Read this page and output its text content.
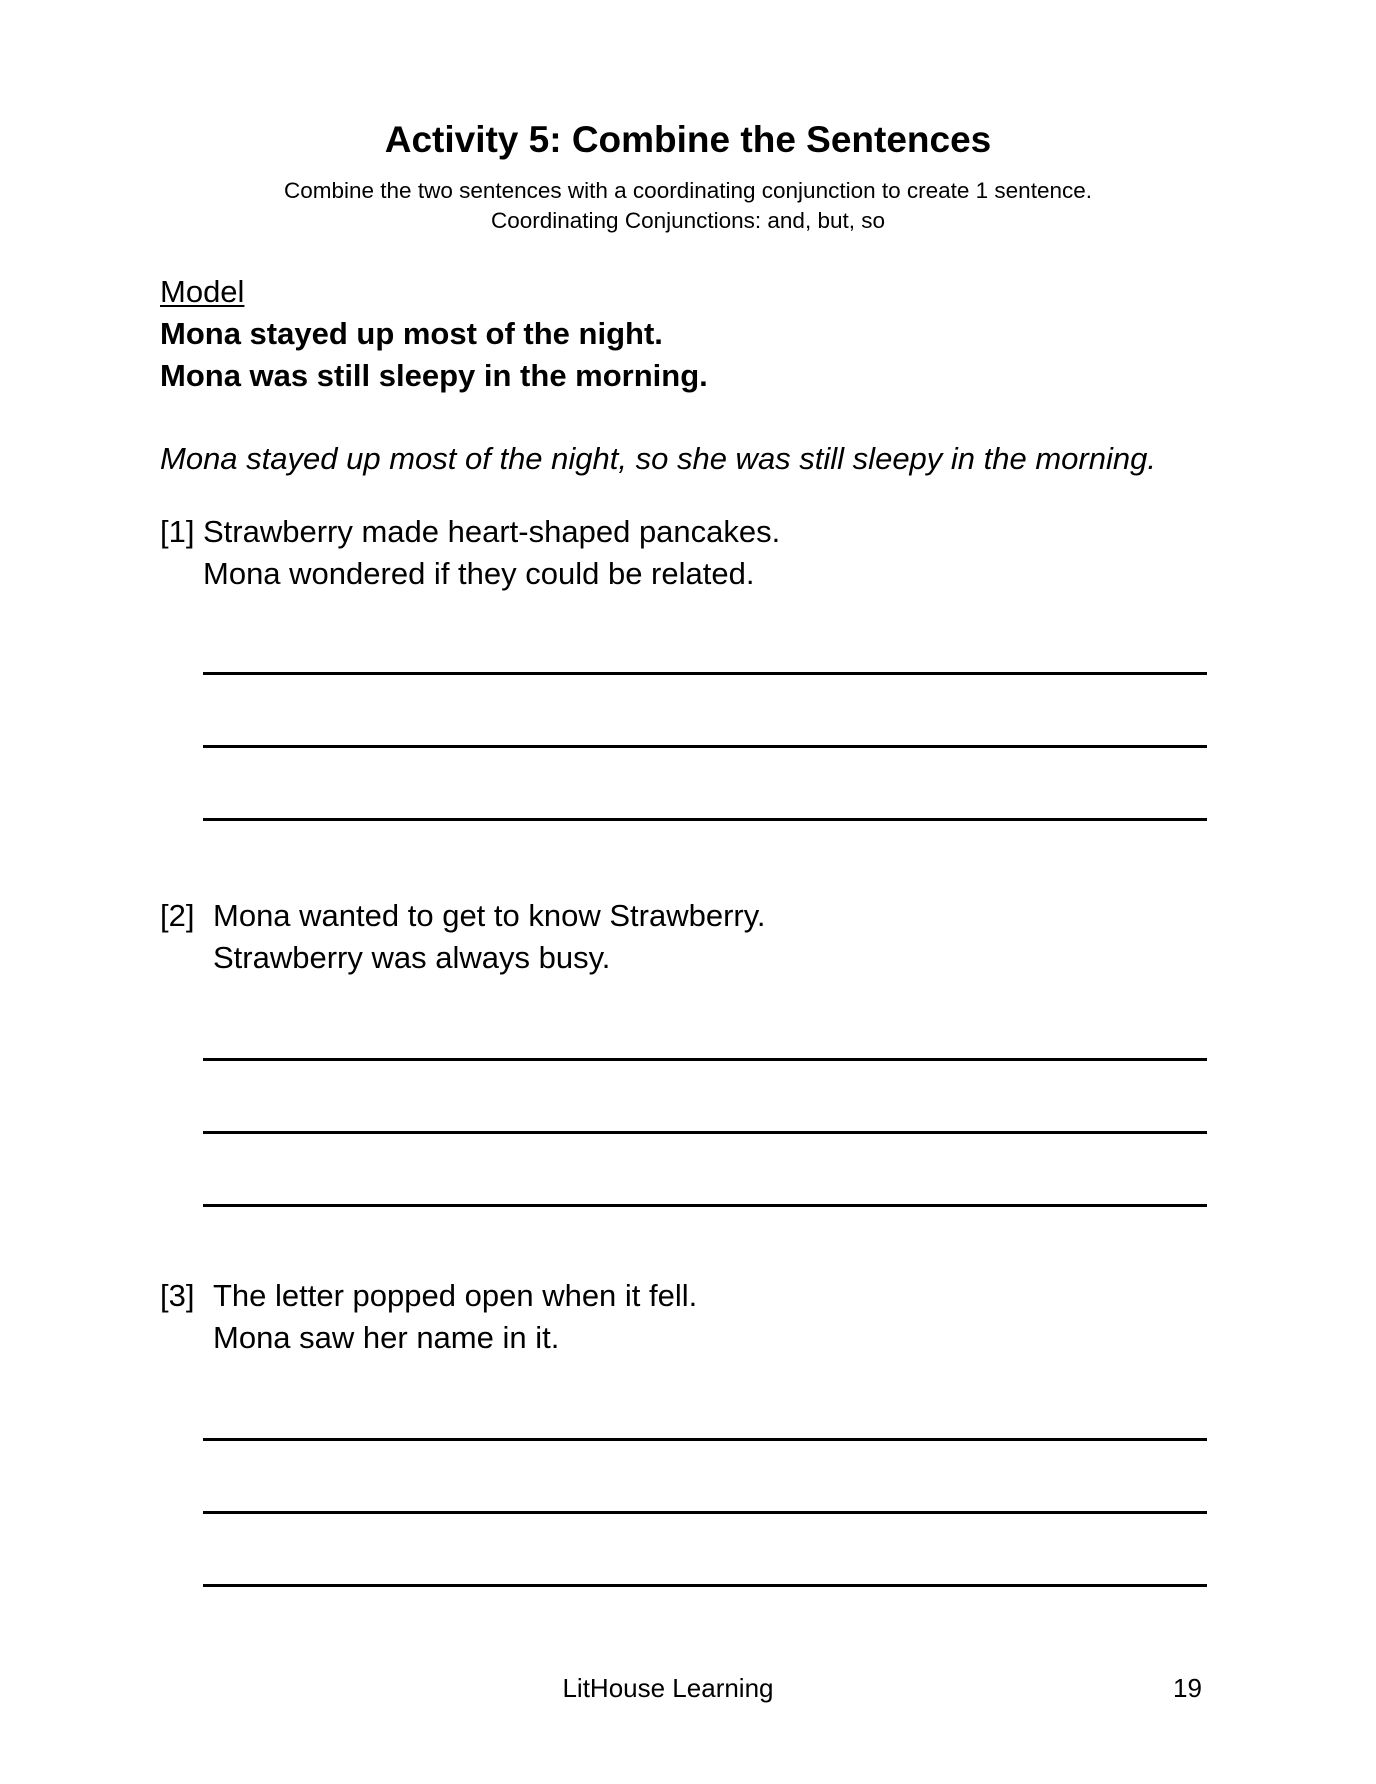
Activity 5: Combine the Sentences
Combine the two sentences with a coordinating conjunction to create 1 sentence.
Coordinating Conjunctions: and, but, so
Model
Mona stayed up most of the night.
Mona was still sleepy in the morning.
Mona stayed up most of the night, so she was still sleepy in the morning.
[1] Strawberry made heart-shaped pancakes.
Mona wondered if they could be related.
[2] Mona wanted to get to know Strawberry.
Strawberry was always busy.
[3] The letter popped open when it fell.
Mona saw her name in it.
LitHouse Learning	19
